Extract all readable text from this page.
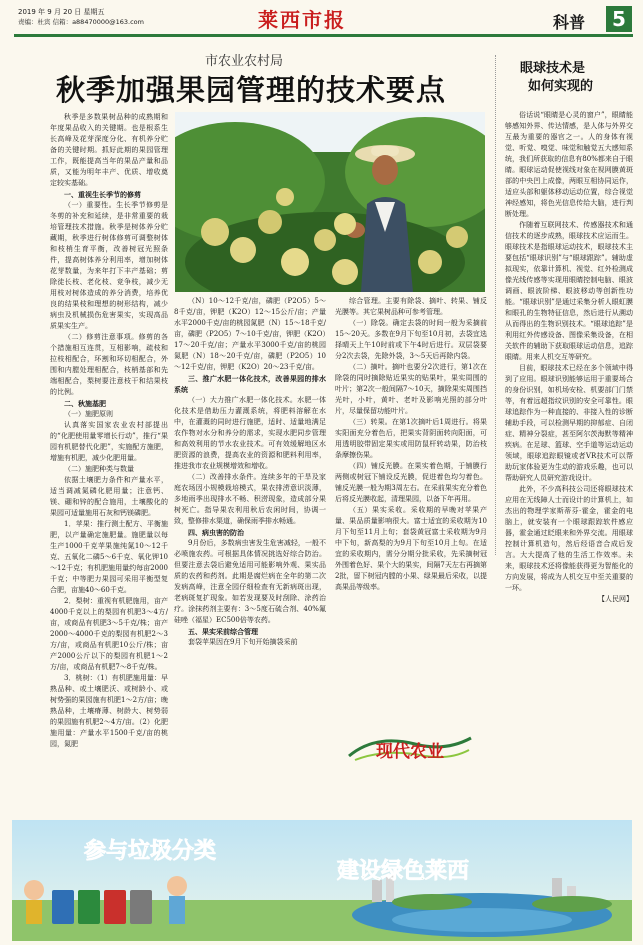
2019 年 9 月 20 日 星期五
责编：杜宾 信箱：a88470000@163.com	莱西市报	科普	5
市农业农村局
秋季加强果园管理的技术要点

秋季是多数果树品种的成熟期和年度果品收入的关键期。也是根系生长高峰及花芽深度分化、有机养分贮备的关键时期。抓好此期的果园管理工作，既能提高当年的果品产量和品质，又能为明年丰产、优质、增收奠定较实基础。

一、重视生长季节的修剪

（一）重要性。生长季节修剪是冬剪的补充和延续，是非常重要的栽培管理技术措施。秋季是树体养分贮藏期，秋季进行树体修剪可调整树体和枝梢生育平衡，改善树冠光照条件，提高树体养分利用率，增加树体花芽数量，为来年打下丰产基础；剪除徒长枝、老化枝、竞争枝，减少无用枝对树体造成的养分消费，培养优良的结果枝和理想的树形结构，减少病虫及机械损伤危害果实，实现高品质果实生产。

（二）修剪注意事项。修剪的各个措施相互连贯，互相影响，疏枝和拉枝相配合，环割和环切相配合，外围和内膛处理相配合，枝梢基部和先端相配合，梨树要注意枝干和结果枝的比例。

二、秋施基肥

（一）施肥原则

认真落实国家农业农村部提出的“化肥使用量零增长行动”，推行“果园有机肥替代化肥”，实施配方施肥，增施有机肥，减少化肥用量。

（二）施肥种类与数量

依据土壤肥力条件和产量水平，适当调减氮磷化肥用量；注意钙、镁、硼和锌的配合施用，土壤酸化的果园可适量施用石灰和钙镁磷肥。

1．苹果：推行测土配方、平衡施肥，以产量确定施肥量。施肥量以每生产1000千克苹果施纯氮10～12千克、五氧化二磷5～6千克、氧化钾10～12千克；有机肥施用量约每亩2000千克；中等肥力果园可采用平衡型复合肥，亩施40～60千克。

2．梨树：重视有机肥施用，亩产4000千克以上的梨园有机肥3～4方/亩，或商品有机肥3～5千克/株；亩产2000～4000千克的梨园有机肥2～3方/亩，或商品有机肥10公斤/株；亩产2000公斤以下的梨园有机肥1～2方/亩，或商品有机肥7～8千克/株。

3．桃树：（1）有机肥施用量：早熟品种、或土壤肥沃、或树龄小、或树势强的果园施有机肥1～2方/亩；晚熟品种，土壤瘠薄、树龄大、树势弱的果园施有机肥2～4方/亩。（2）化肥施用量：产量水平1500千克/亩的桃园，氮肥

（N）10～12千克/亩，磷肥（P2O5）5～8千克/亩，钾肥（K2O）12～15公斤/亩；产量水平2000千克/亩的桃园氮肥（N）15～18千克/亩，磷肥（P2O5）7～10千克/亩，钾肥（K2O）17～20千克/亩；产量水平3000千克/亩的桃园氮肥（N）18～20千克/亩，磷肥（P2O5）10～12千克/亩，钾肥（K2O）20～23千克/亩。

三、推广水肥一体化技术，改善果园的排水系统

（一）大力推广水肥一体化技术。水肥一体化技术是借助压力灌溉系统，将肥料溶解在水中，在灌溉的同时进行施肥，适时、适量地满足农作物对水分和养分的需求，实现水肥同步管理和高效利用的节水农业技术。可有效缓解地区水肥资源的浪费，提高农业的资源和肥料利用率，推进我市农业规模增效和增收。

（二）改善排水条件。连续多年的干旱及家庭农场因小规模栽培模式，果农排涝意识淡薄，多地雨季出现排水不畅、积涝现象，造成部分果树死亡。指导果农利用秋后农闲时间，协调一致，整修排水渠道，确保雨季排水畅通。

四、病虫害的防治

9月份后，多数病虫害发生危害减轻，一般不必喷施农药。可根据具体情况挑选好综合防治。但要注意去袋后避免适用可能影响外观、果实品质的农药和药剂。此期是腐烂病在全年的第二次发病高峰，注意全园仔细检查有无新病斑出现，老病斑复扩现象。如若发现要及时刮除、涂药治疗。涂抹药剂主要有：3～5度石硫合剂、40%氟硅唑（福星）EC500倍等农药。

五、果实采前综合管理

套袋苹果因在9月下旬开始摘袋采前

综合管理。主要有除袋、摘叶、转果、铺反光膜等。其它果树品种可参考管理。

（一）除袋。确定去袋的时间一般为采摘前15～20天。多数在9月下旬至10月初，去袋宜选择晴天上午10时前或下午4时后进行。双层袋要分2次去袋，先除外袋，3～5天后再除内袋。

（二）摘叶。摘叶也要分2次进行，第1次在除袋的同时摘除贴近果实的贴果叶，果实周围的叶片；第2次一般间隔7～10天，摘除果实周围挡光叶，小叶，黄叶、老叶及影响光照的部分叶片，尽量保留功能叶片。

（三）转果。在第1次摘叶后1周进行。将果实阳面充分着色后，把果实背阴面转向阳面，可用透明胶带固定果实或用防鼠杆转动果，防治枝条摩擦伤果。

（四）铺反光膜。在果实着色期，于铺膜行两侧或树冠下铺设反光膜，促进着色均匀着色。铺反光膜一般为期3周左右。在采前果实充分着色后将反光膜收起，清理果园，以备下年再用。

（五）果实采收。采收期的早晚对苹果产量、果品质量影响很大。富士适宜的采收期为10月下旬至11月上旬；套袋黄冠富士采收期为9月中下旬，新高梨的为9月下旬至10月上旬。在适宜的采收期内，需分分期分批采收，先采摘树冠外围着色好、果个大的果实，间隔7天左右再摘第2批，留下树冠内膛的小果、绿果最后采收，以提高果品等级率。

现代农业
眼球技术是
如何实现的

俗话说“眼睛是心灵的窗户”，眼睛能够感知外界、传达情感，是人体与外界交互最为重要的器官之一。人的身体有视觉、听觉、嗅觉、味觉和触觉五大感知系统，我们所获取的信息有80%都来自于眼睛。眼球运动促使视线对象在视网膜黄斑部的中央凹上成像，两眼互相协同运作，适应头部和躯体移动运动位置，综合视觉神经感知，将色光信息传给大脑，进行判断处理。

作随着互联网技术、传感器技术和通信技术的逐步成熟，眼球技术应运而生。眼球技术是指眼球运动技术，眼球技术主要包括“眼球识别”与“眼球跟踪”。辅助虚拟现实，依靠计算机、视觉、红外检测成像光线传感等实现用眼睛控制电脑、眼波调画、眼波阶梯、眼波移动等创新性功能。“眼球识别”是通过采集分析人眼虹膜和眼孔的生物特征信息，然后进行从溯动从而得出的生物识别技术。“眼球追踪”是利用红外传感设备、图像采集设备，在相关软件的辅助下获取眼球运动信息，追踪眼睛。用来人机交互等研究。

目前，眼球技术已经在多个领域中得到了应用。眼球识别能够运用于重要场合的身份识别，如机场安检、机要部门门禁等，有着远超指纹识别的安全可靠性。眼球追踪作为一种直接的、非接入性的诊断辅助手段，可以检测早期的抑郁症、自闭症、精神分裂症，甚至阿尔茨海默等精神疾病。在足球、篮球、空手道等运动运动领域，眼球追踪眼镜或者VR技术可以帮助玩家体验更为生动的游戏乐趣，也可以帮助研究人员研究游戏设计。

此外，不少高科技公司还将眼球技术应用在无线障人士而设计的计算机上，如杰出的物理学家斯蒂芬·霍金，霍金的电脑上，就安装有一个眼球跟踪软件感应器，霍金通过眨眼来和外界交流。用眼球控制计算机造句，然后经语音合成后发言。大大提高了他的生活工作效率。未来，眼球技术还将像能获得更为智能化的方向发展，将成为人机交互中至关重要的一环。

【人民网】
参与垃圾分类
建设绿色莱西
